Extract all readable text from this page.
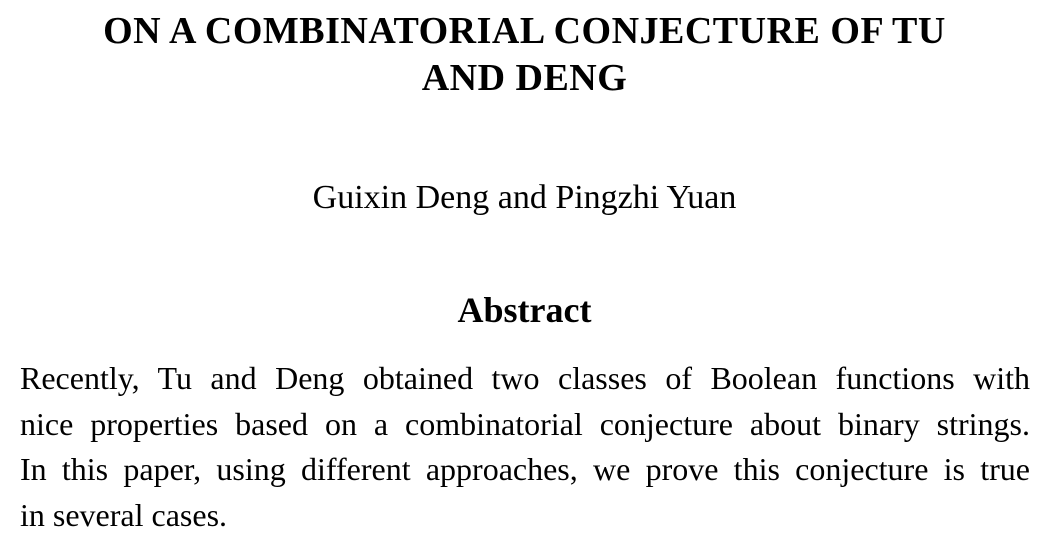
ON A COMBINATORIAL CONJECTURE OF TU
AND DENG
Guixin Deng and Pingzhi Yuan
Abstract
Recently, Tu and Deng obtained two classes of Boolean functions with
nice properties based on a combinatorial conjecture about binary strings.
In this paper, using different approaches, we prove this conjecture is true
in several cases.
